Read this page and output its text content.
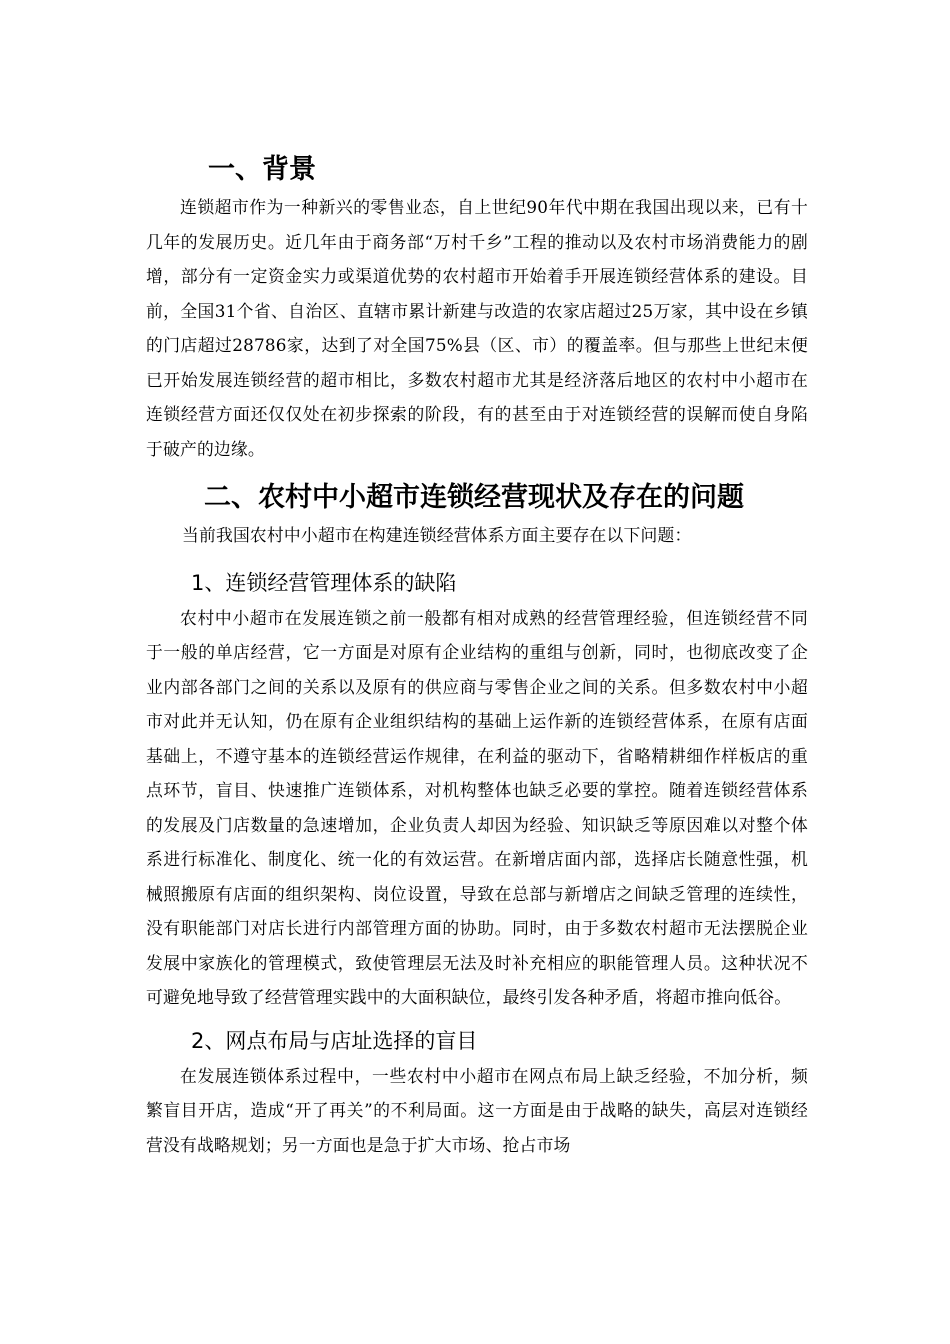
一、背景

连锁超市作为一种新兴的零售业态，自上世纪90年代中期在我国出现以来，已有十几年的发展历史。近几年由于商务部“万村千乡”工程的推动以及农村市场消费能力的剧增，部分有一定资金实力或渠道优势的农村超市开始着手开展连锁经营体系的建设。目前，全国31个省、自治区、直辖市累计新建与改造的农家店超过25万家，其中设在乡镇的门店超过28786家，达到了对全国75%县（区、市）的覆盖率。但与那些上世纪末便已开始发展连锁经营的超市相比，多数农村超市尤其是经济落后地区的农村中小超市在连锁经营方面还仅仅处在初步探索的阶段，有的甚至由于对连锁经营的误解而使自身陷于破产的边缘。

二、农村中小超市连锁经营现状及存在的问题

当前我国农村中小超市在构建连锁经营体系方面主要存在以下问题：

1、连锁经营管理体系的缺陷

农村中小超市在发展连锁之前一般都有相对成熟的经营管理经验，但连锁经营不同于一般的单店经营，它一方面是对原有企业结构的重组与创新，同时，也彻底改变了企业内部各部门之间的关系以及原有的供应商与零售企业之间的关系。但多数农村中小超市对此并无认知，仍在原有企业组织结构的基础上运作新的连锁经营体系，在原有店面基础上，不遵守基本的连锁经营运作规律，在利益的驱动下，省略精耕细作样板店的重点环节，盲目、快速推广连锁体系，对机构整体也缺乏必要的掌控。随着连锁经营体系的发展及门店数量的急速增加，企业负责人却因为经验、知识缺乏等原因难以对整个体系进行标准化、制度化、统一化的有效运营。在新增店面内部，选择店长随意性强，机械照搬原有店面的组织架构、岗位设置，导致在总部与新增店之间缺乏管理的连续性，没有职能部门对店长进行内部管理方面的协助。同时，由于多数农村超市无法摆脱企业发展中家族化的管理模式，致使管理层无法及时补充相应的职能管理人员。这种状况不可避免地导致了经营管理实践中的大面积缺位，最终引发各种矛盾，将超市推向低谷。

2、网点布局与店址选择的盲目

在发展连锁体系过程中，一些农村中小超市在网点布局上缺乏经验，不加分析，频繁盲目开店，造成“开了再关”的不利局面。这一方面是由于战略的缺失，高层对连锁经营没有战略规划；另一方面也是急于扩大市场、抢占市场
